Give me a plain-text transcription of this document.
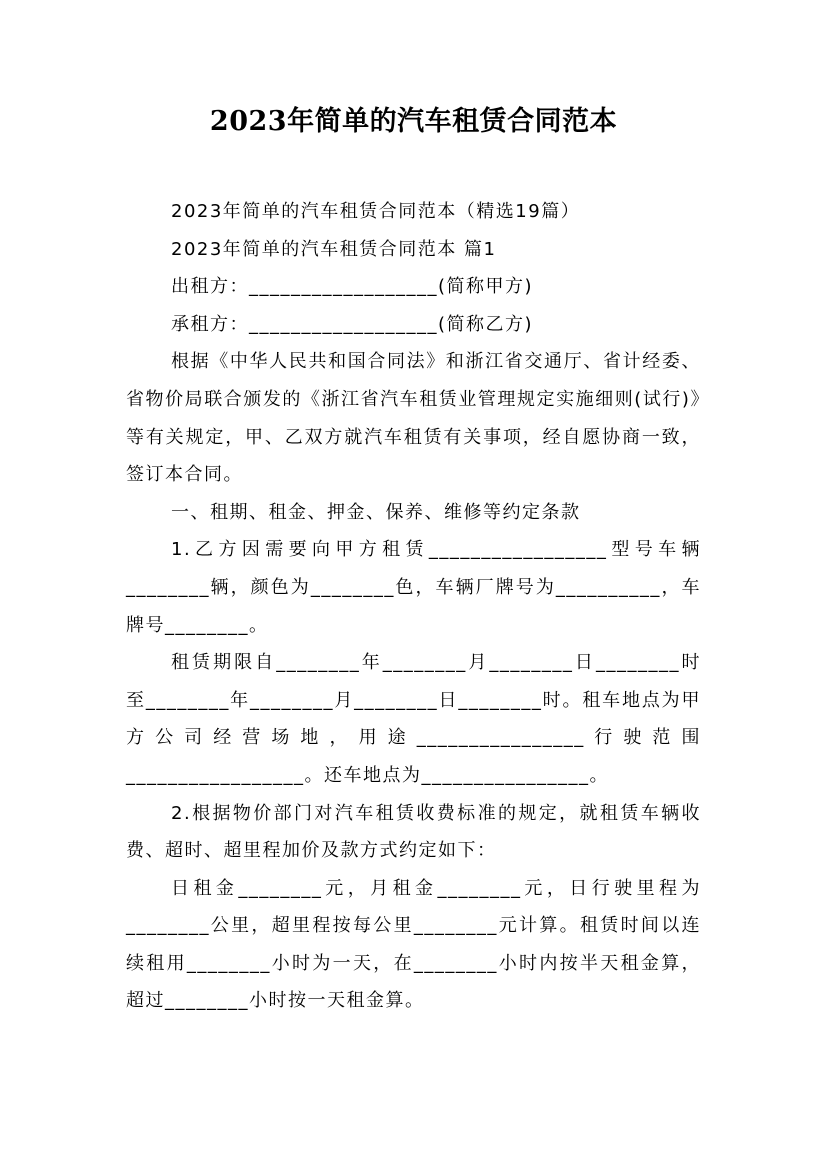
2023年简单的汽车租赁合同范本

2023年简单的汽车租赁合同范本（精选19篇）

2023年简单的汽车租赁合同范本 篇1

出租方：__________________(简称甲方)

承租方：__________________(简称乙方)

根据《中华人民共和国合同法》和浙江省交通厅、省计经委、省物价局联合颁发的《浙江省汽车租赁业管理规定实施细则(试行)》等有关规定，甲、乙双方就汽车租赁有关事项，经自愿协商一致，签订本合同。

一、租期、租金、押金、保养、维修等约定条款

1.乙方因需要向甲方租赁_________________型号车辆________辆，颜色为________色，车辆厂牌号为__________，车牌号________。

租赁期限自________年________月________日________时至________年________月________日________时。租车地点为甲方公司经营场地，用途________________行驶范围_________________。还车地点为________________。

2.根据物价部门对汽车租赁收费标准的规定，就租赁车辆收费、超时、超里程加价及款方式约定如下：

日租金________元，月租金________元，日行驶里程为________公里，超里程按每公里________元计算。租赁时间以连续租用________小时为一天，在________小时内按半天租金算，超过________小时按一天租金算。
